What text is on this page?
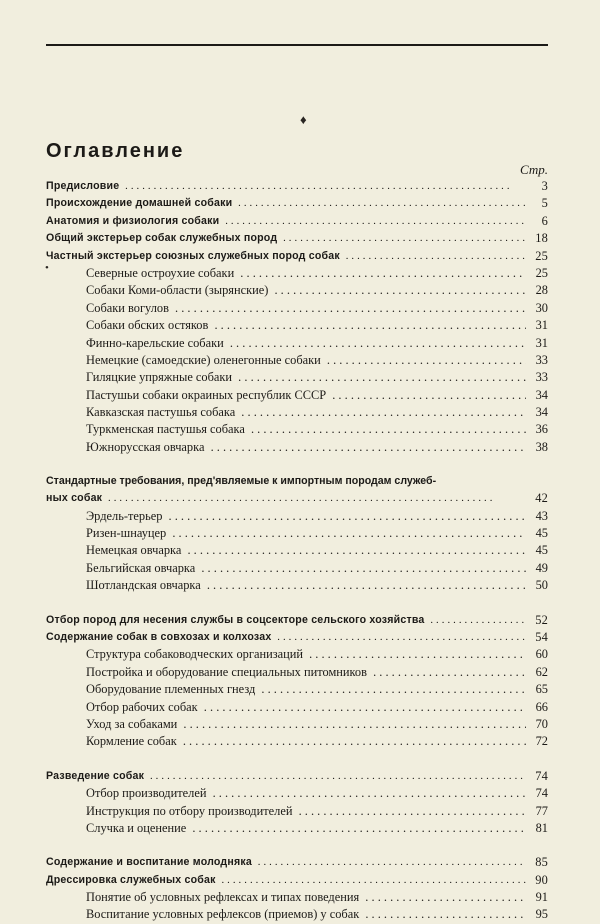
♦
•
Оглавление
Стр.
Предисловие . . .	3
Происхождение домашней собаки . . .	5
Анатомия и физиология собаки . . .	6
Общий экстерьер собак служебных пород . . .	18
Частный экстерьер союзных служебных пород собак . . .	25
Северные остроухие собаки . . .	25
Собаки Коми-области (зырянские) . . .	28
Собаки вогулов . . .	30
Собаки обских остяков . . .	31
Финно-карельские собаки . . .	31
Немецкие (самоедские) оленегонные собаки . . .	33
Гиляцкие упряжные собаки . . .	33
Пастушьи собаки окраиных республик СССР . . .	34
Кавказская пастушья собака . . .	34
Туркменская пастушья собака . . .	36
Южнорусская овчарка . . .	38
Стандартные требования, пред'являемые к импортным породам служеб-
ных собак . . .	42
Эрдель-терьер . . .	43
Ризен-шнауцер . . .	45
Немецкая овчарка . . .	45
Бельгийская овчарка . . .	49
Шотландская овчарка . . .	50
Отбор пород для несения службы в соцсекторе сельского хозяйства . . .	52
Содержание собак в совхозах и колхозах . . .	54
Структура собаководческих организаций . . .	60
Постройка и оборудование специальных питомников . . .	62
Оборудование племенных гнезд . . .	65
Отбор рабочих собак . . .	66
Уход за собаками . . .	70
Кормление собак . . .	72
Разведение собак . . .	74
Отбор производителей . . .	74
Инструкция по отбору производителей . . .	77
Случка и оценение . . .	81
Содержание и воспитание молодняка . . .	85
Дрессировка служебных собак . . .	90
Понятие об условных рефлексах и типах поведения . . .	91
Воспитание условных рефлексов (приемов) у собак . . .	95
